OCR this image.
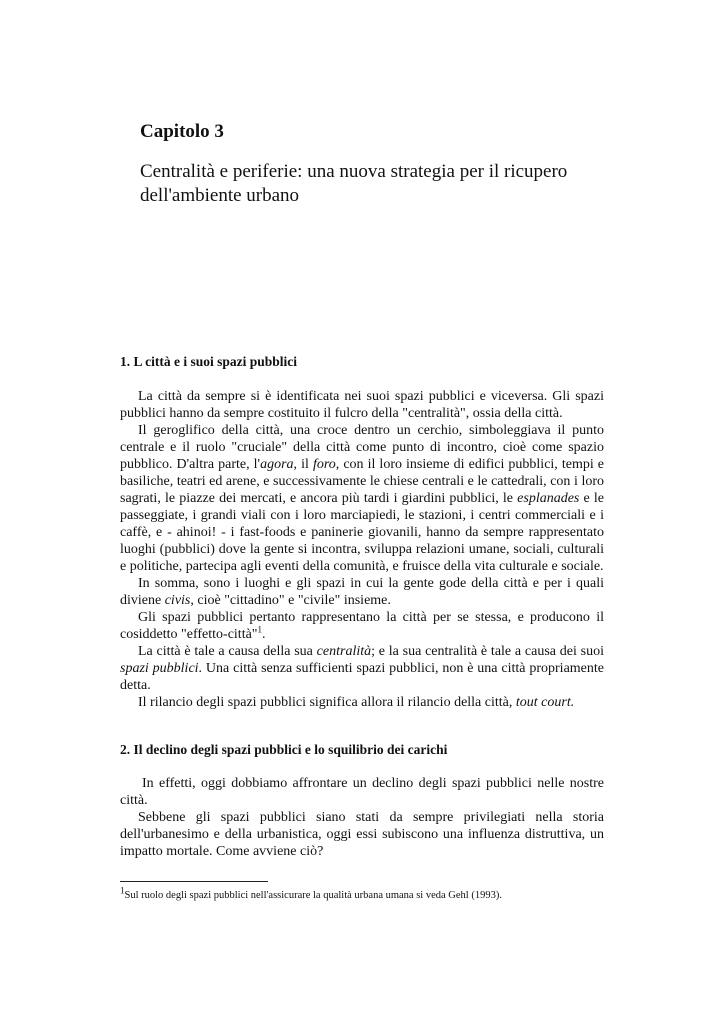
Capitolo 3
Centralità e periferie: una nuova strategia per il ricupero dell'ambiente urbano
1. L città e i suoi spazi pubblici

La città da sempre si è identificata nei suoi spazi pubblici e viceversa. Gli spazi pubblici hanno da sempre costituito il fulcro della "centralità", ossia della città.

Il geroglifico della città, una croce dentro un cerchio, simboleggiava il punto centrale e il ruolo "cruciale" della città come punto di incontro, cioè come spazio pubblico. D'altra parte, l'agora, il foro, con il loro insieme di edifici pubblici, tempi e basiliche, teatri ed arene, e successivamente le chiese centrali e le cattedrali, con i loro sagrati, le piazze dei mercati, e ancora più tardi i giardini pubblici, le esplanades e le passeggiate, i grandi viali con i loro marciapiedi, le stazioni, i centri commerciali e i caffè, e - ahinoi! - i fast-foods e paninerie giovanili, hanno da sempre rappresentato luoghi (pubblici) dove la gente si incontra, sviluppa relazioni umane, sociali, culturali e politiche, partecipa agli eventi della comunità, e fruisce della vita culturale e sociale.

In somma, sono i luoghi e gli spazi in cui la gente gode della città e per i quali diviene civis, cioè "cittadino" e "civile" insieme.

Gli spazi pubblici pertanto rappresentano la città per se stessa, e producono il cosiddetto "effetto-città"$^1$.

La città è tale a causa della sua centralità; e la sua centralità è tale a causa dei suoi spazi pubblici. Una città senza sufficienti spazi pubblici, non è una città propriamente detta.

Il rilancio degli spazi pubblici significa allora il rilancio della città, tout court.

2. Il declino degli spazi pubblici e lo squilibrio dei carichi

In effetti, oggi dobbiamo affrontare un declino degli spazi pubblici nelle nostre città.

Sebbene gli spazi pubblici siano stati da sempre privilegiati nella storia dell'urbanesimo e della urbanistica, oggi essi subiscono una influenza distruttiva, un impatto mortale. Come avviene ciò?

$^1$Sul ruolo degli spazi pubblici nell'assicurare la qualità urbana umana si veda Gehl (1993).
